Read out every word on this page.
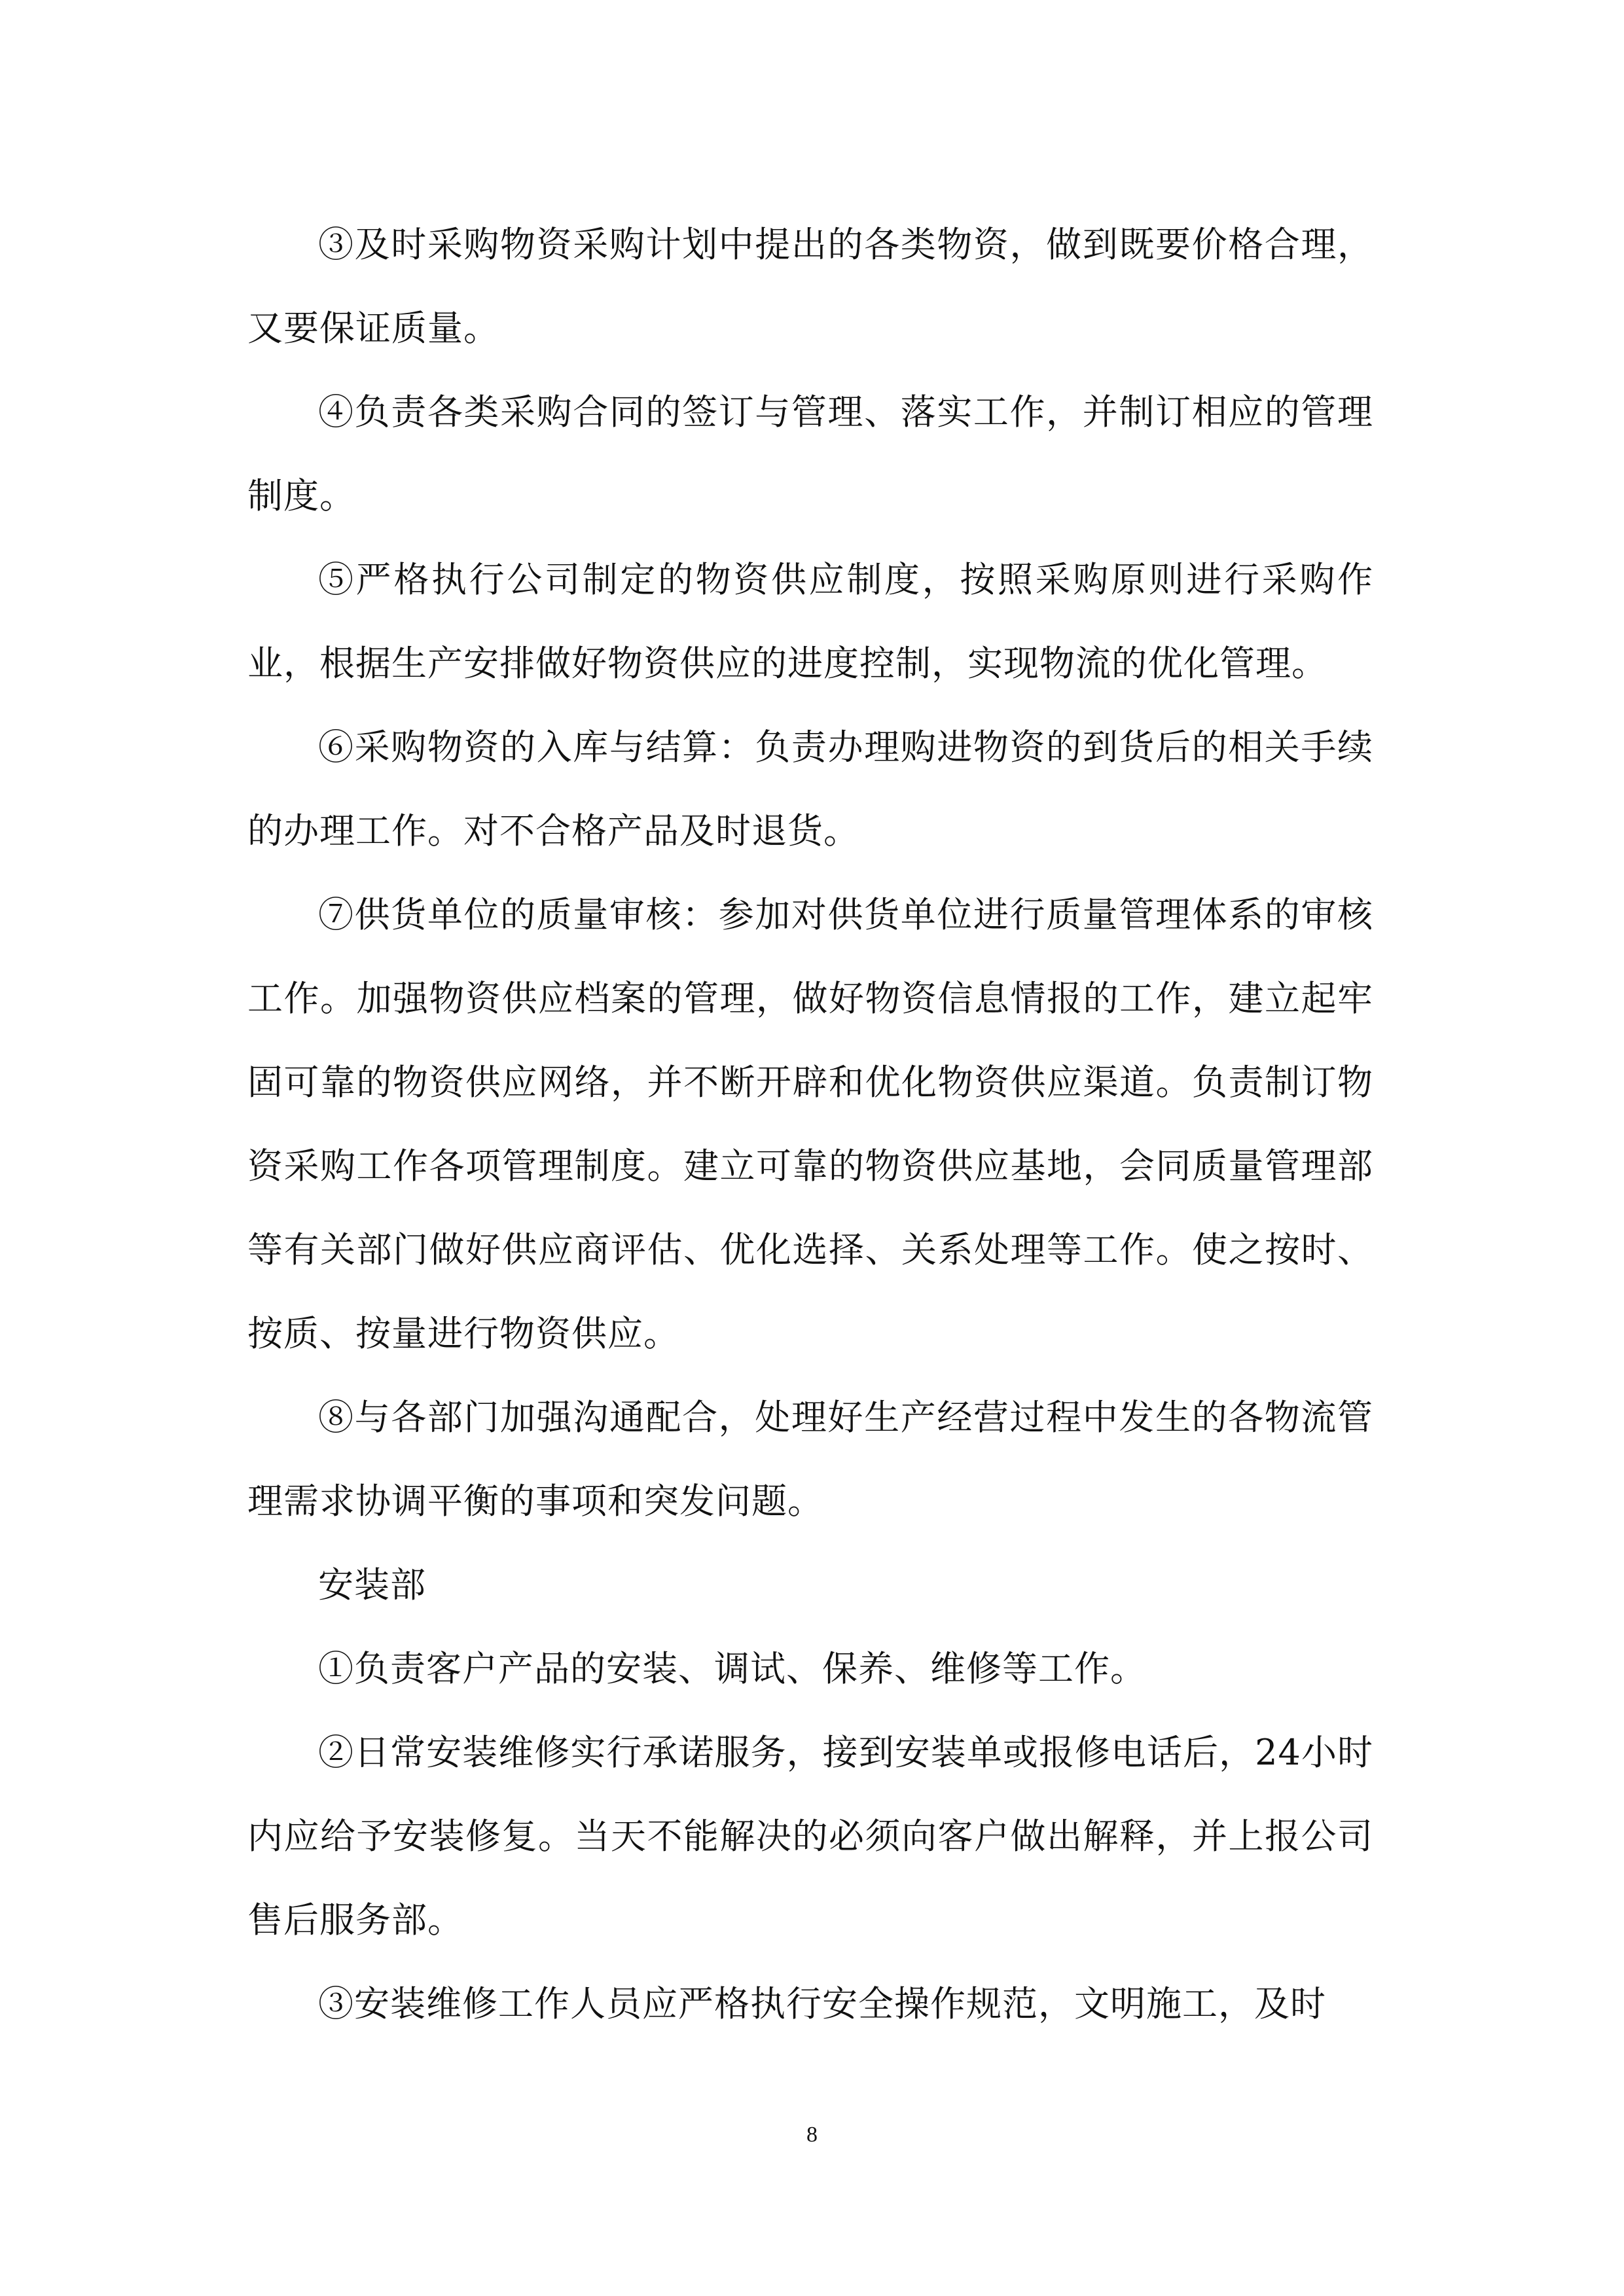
③及时采购物资采购计划中提出的各类物资，做到既要价格合理，又要保证质量。

④负责各类采购合同的签订与管理、落实工作，并制订相应的管理制度。

⑤严格执行公司制定的物资供应制度，按照采购原则进行采购作业，根据生产安排做好物资供应的进度控制，实现物流的优化管理。

⑥采购物资的入库与结算：负责办理购进物资的到货后的相关手续的办理工作。对不合格产品及时退货。

⑦供货单位的质量审核：参加对供货单位进行质量管理体系的审核工作。加强物资供应档案的管理，做好物资信息情报的工作，建立起牢固可靠的物资供应网络，并不断开辟和优化物资供应渠道。负责制订物资采购工作各项管理制度。建立可靠的物资供应基地，会同质量管理部等有关部门做好供应商评估、优化选择、关系处理等工作。使之按时、按质、按量进行物资供应。

⑧与各部门加强沟通配合，处理好生产经营过程中发生的各物流管理需求协调平衡的事项和突发问题。

安装部

①负责客户产品的安装、调试、保养、维修等工作。

②日常安装维修实行承诺服务，接到安装单或报修电话后，24小时内应给予安装修复。当天不能解决的必须向客户做出解释，并上报公司售后服务部。

③安装维修工作人员应严格执行安全操作规范，文明施工，及时

8
